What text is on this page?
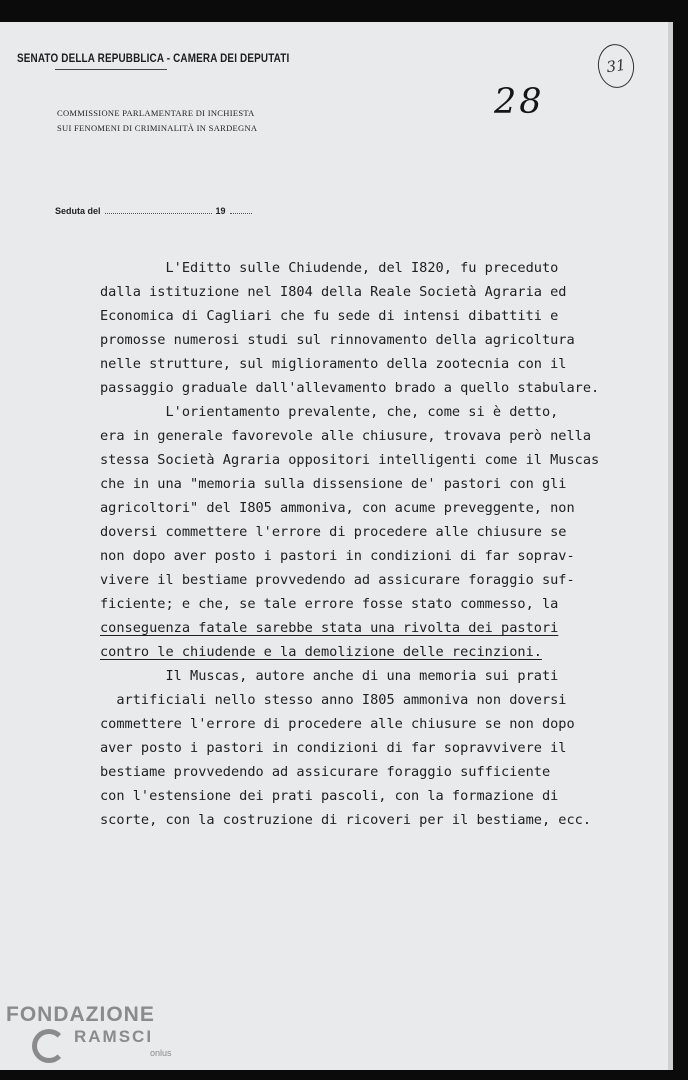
SENATO DELLA REPUBBLICA - CAMERA DEI DEPUTATI
COMMISSIONE PARLAMENTARE DI INCHIESTA
SUI FENOMENI DI CRIMINALITÀ IN SARDEGNA
31
28
Seduta del	19
L'Editto sulle Chiudende, del I820, fu preceduto
dalla istituzione nel I804 della Reale Società Agraria ed
Economica di Cagliari che fu sede di intensi dibattiti e
promosse numerosi studi sul rinnovamento della agricoltura
nelle strutture, sul miglioramento della zootecnia con il
passaggio graduale dall'allevamento brado a quello stabulare.
L'orientamento prevalente, che, come si è detto,
era in generale favorevole alle chiusure, trovava però nella
stessa Società Agraria oppositori intelligenti come il Muscas
che in una "memoria sulla dissensione de' pastori con gli
agricoltori" del I805 ammoniva, con acume preveggente, non
doversi commettere l'errore di procedere alle chiusure se
non dopo aver posto i pastori in condizioni di far soprav-
vivere il bestiame provvedendo ad assicurare foraggio suf-
ficiente; e che, se tale errore fosse stato commesso, la
conseguenza fatale sarebbe stata una rivolta dei pastori
contro le chiudende e la demolizione delle recinzioni.
Il Muscas, autore anche di una memoria sui prati
artificiali nello stesso anno I805 ammoniva non doversi
commettere l'errore di procedere alle chiusure se non dopo
aver posto i pastori in condizioni di far sopravvivere il
bestiame provvedendo ad assicurare foraggio sufficiente
con l'estensione dei prati pascoli, con la formazione di
scorte, con la costruzione di ricoveri per il bestiame, ecc.
FONDAZIONE
RAMSCI
onlus
